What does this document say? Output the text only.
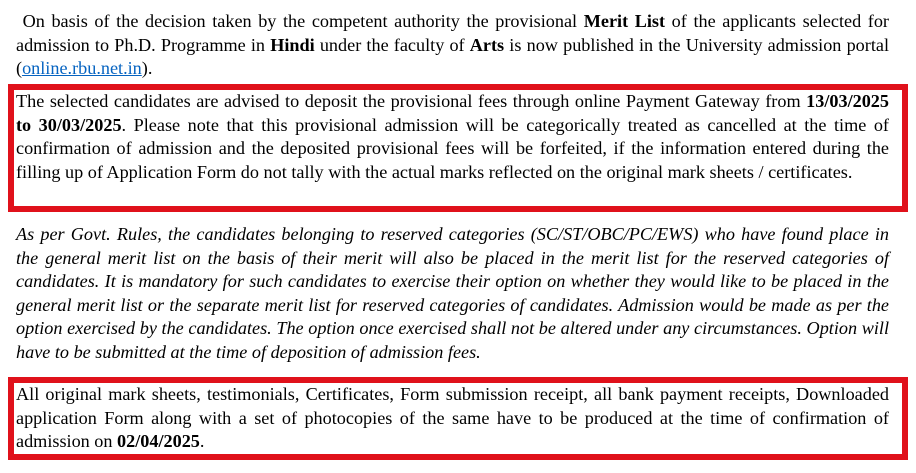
On basis of the decision taken by the competent authority the provisional Merit List of the applicants selected for admission to Ph.D. Programme in Hindi under the faculty of Arts is now published in the University admission portal (online.rbu.net.in).

The selected candidates are advised to deposit the provisional fees through online Payment Gateway from 13/03/2025 to 30/03/2025. Please note that this provisional admission will be categorically treated as cancelled at the time of confirmation of admission and the deposited provisional fees will be forfeited, if the information entered during the filling up of Application Form do not tally with the actual marks reflected on the original mark sheets / certificates.

As per Govt. Rules, the candidates belonging to reserved categories (SC/ST/OBC/PC/EWS) who have found place in the general merit list on the basis of their merit will also be placed in the merit list for the reserved categories of candidates. It is mandatory for such candidates to exercise their option on whether they would like to be placed in the general merit list or the separate merit list for reserved categories of candidates. Admission would be made as per the option exercised by the candidates. The option once exercised shall not be altered under any circumstances. Option will have to be submitted at the time of deposition of admission fees.

All original mark sheets, testimonials, Certificates, Form submission receipt, all bank payment receipts, Downloaded application Form along with a set of photocopies of the same have to be produced at the time of confirmation of admission on 02/04/2025.
